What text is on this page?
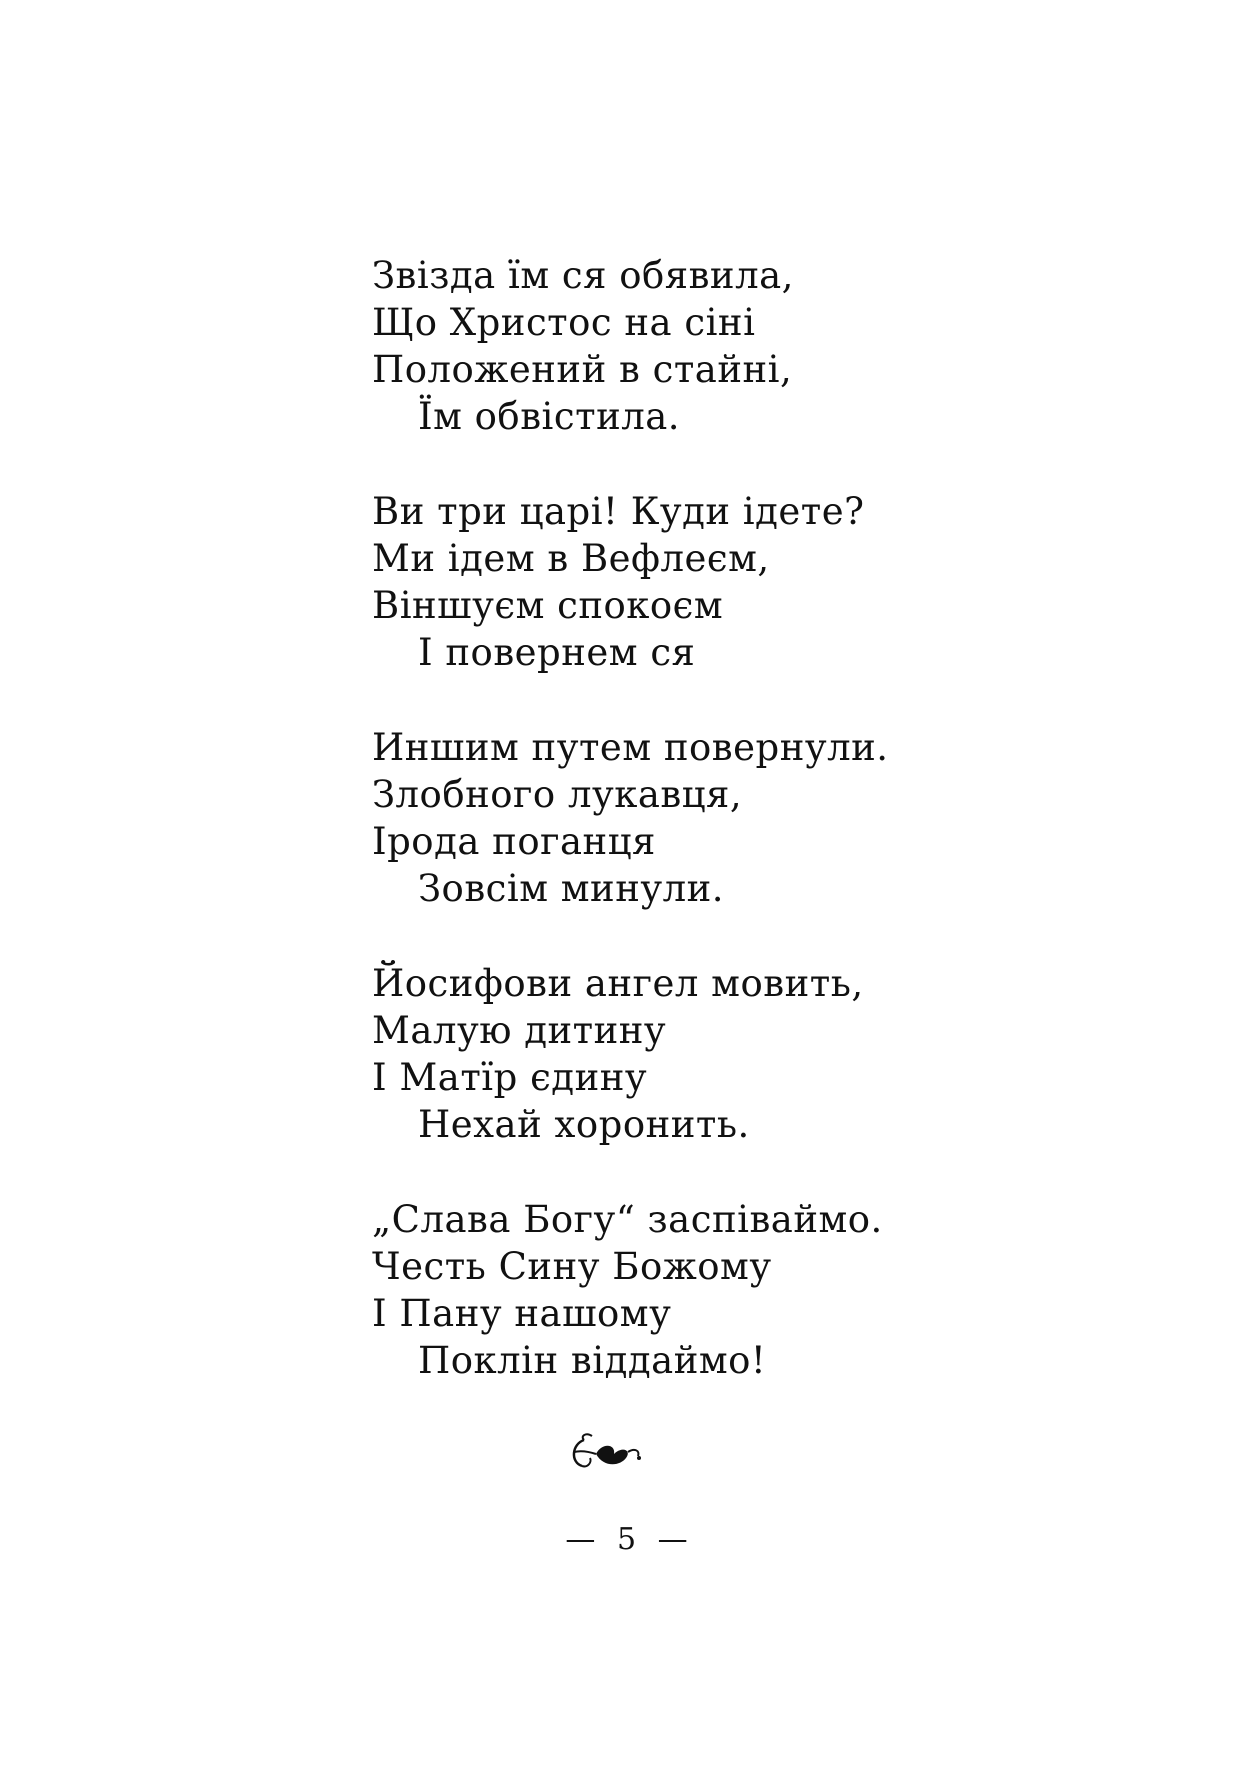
Звізда їм ся обявила,
Що Христос на сіні
Положений в стайні,
Їм обвістила.
Ви три царі! Куди ідете?
Ми ідем в Вефлеєм,
Віншуєм спокоєм
І повернем ся
Иншим путем повернули.
Злобного лукавця,
Ірода поганця
Зовсім минули.
Йосифови ангел мовить,
Малую дитину
І Матїр єдину
Нехай хоронить.
„Слава Богу“ заспіваймо.
Честь Сину Божому
І Пану нашому
Поклін віддаймо!
— 5 —
